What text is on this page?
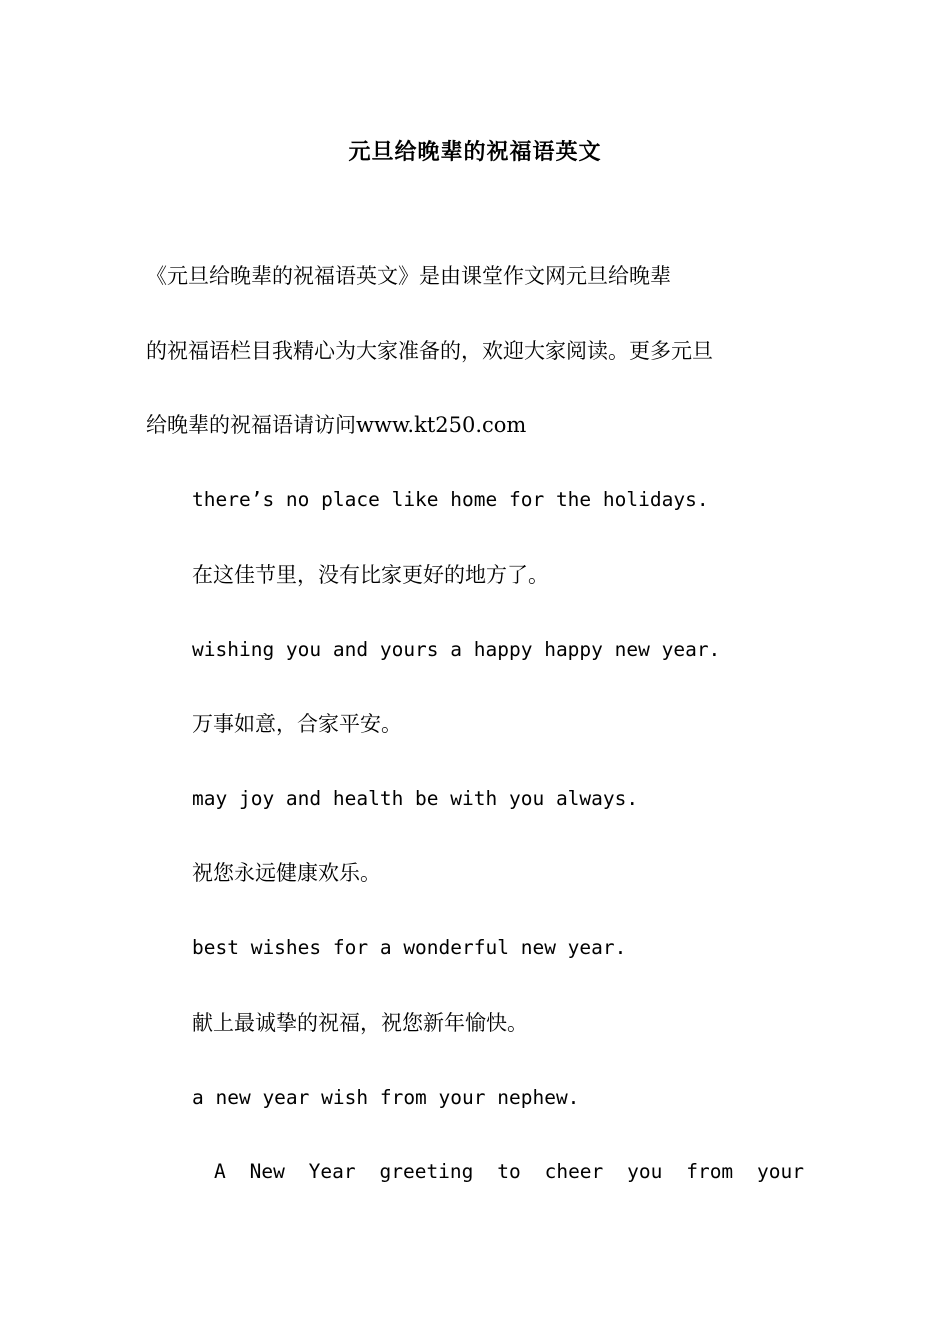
元旦给晚辈的祝福语英文
《元旦给晚辈的祝福语英文》是由课堂作文网元旦给晚辈
的祝福语栏目我精心为大家准备的，欢迎大家阅读。更多元旦
给晚辈的祝福语请访问www.kt250.com
there’s no place like home for the holidays.
在这佳节里，没有比家更好的地方了。
wishing you and yours a happy happy new year.
万事如意，合家平安。
may joy and health be with you always.
祝您永远健康欢乐。
best wishes for a wonderful new year.
献上最诚挚的祝福，祝您新年愉快。
a new year wish from your nephew.
A New Year greeting to cheer you from your
